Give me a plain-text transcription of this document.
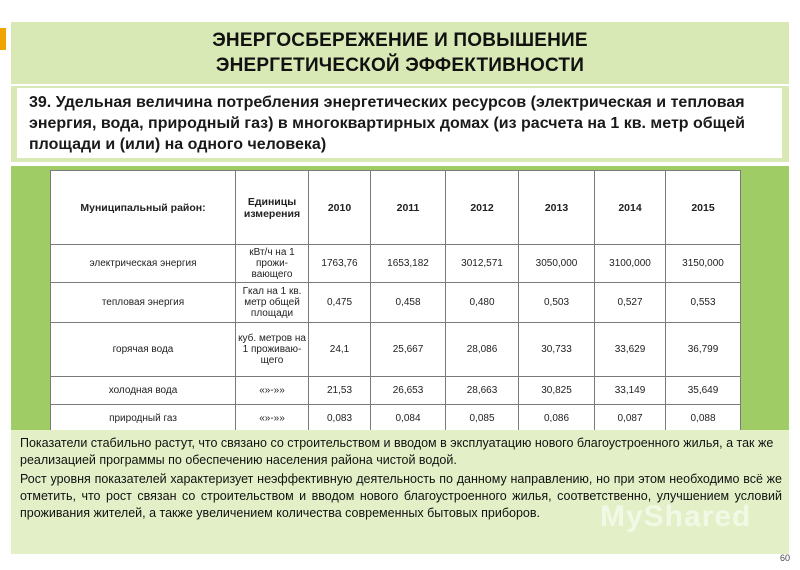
ЭНЕРГОСБЕРЕЖЕНИЕ И ПОВЫШЕНИЕ
ЭНЕРГЕТИЧЕСКОЙ ЭФФЕКТИВНОСТИ
39. Удельная величина потребления энергетических ресурсов (электрическая и тепловая энергия, вода, природный газ) в многоквартирных домах (из расчета на 1 кв. метр общей площади и (или) на одного человека)
Муниципальный район:	Единицы измерения	2010	2011	2012	2013	2014	2015
электрическая энергия	кВт/ч на 1 прожи-вающего	1763,76	1653,182	3012,571	3050,000	3100,000	3150,000
тепловая энергия	Гкал на 1 кв. метр общей площади	0,475	0,458	0,480	0,503	0,527	0,553
горячая вода	куб. метров на 1 проживаю-щего	24,1	25,667	28,086	30,733	33,629	36,799
холодная вода	«»-»»	21,53	26,653	28,663	30,825	33,149	35,649
природный газ	«»-»»	0,083	0,084	0,085	0,086	0,087	0,088
Показатели стабильно растут, что связано со строительством и вводом в эксплуатацию нового благоустроенного жилья, а так же реализацией программы по обеспечению населения района чистой водой.
Рост уровня показателей характеризует неэффективную деятельность по данному направлению, но при этом необходимо всё же отметить, что рост связан со строительством и вводом нового благоустроенного жилья, соответственно, улучшением условий проживания жителей, а также увеличением количества современных бытовых приборов.	MyShared
60
